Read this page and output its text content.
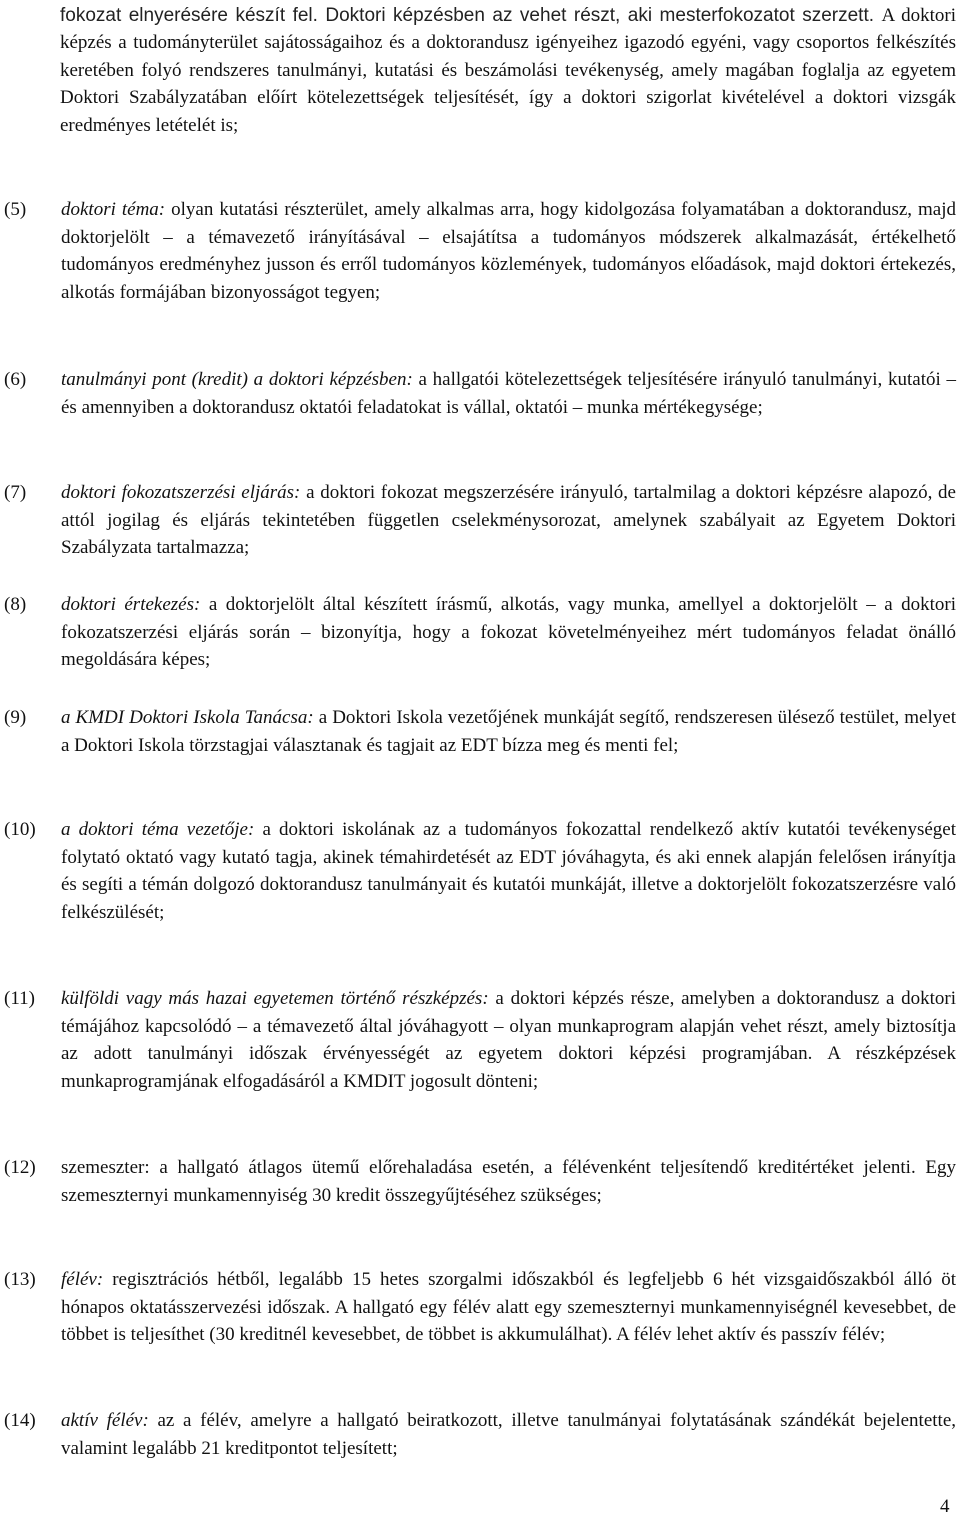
fokozat elnyerésére készít fel. Doktori képzésben az vehet részt, aki mesterfokozatot szerzett. A doktori képzés a tudományterület sajátosságaihoz és a doktorandusz igényeihez igazodó egyéni, vagy csoportos felkészítés keretében folyó rendszeres tanulmányi, kutatási és beszámolási tevékenység, amely magában foglalja az egyetem Doktori Szabályzatában előírt kötelezettségek teljesítését, így a doktori szigorlat kivételével a doktori vizsgák eredményes letételét is;
(5)	doktori téma: olyan kutatási részterület, amely alkalmas arra, hogy kidolgozása folyamatában a doktorandusz, majd doktorjelölt – a témavezető irányításával – elsajátítsa a tudományos módszerek alkalmazását, értékelhető tudományos eredményhez jusson és erről tudományos közlemények, tudományos előadások, majd doktori értekezés, alkotás formájában bizonyosságot tegyen;
(6)	tanulmányi pont (kredit) a doktori képzésben: a hallgatói kötelezettségek teljesítésére irányuló tanulmányi, kutatói – és amennyiben a doktorandusz oktatói feladatokat is vállal, oktatói – munka mértékegysége;
(7)	doktori fokozatszerzési eljárás: a doktori fokozat megszerzésére irányuló, tartalmilag a doktori képzésre alapozó, de attól jogilag és eljárás tekintetében független cselekménysorozat, amelynek szabályait az Egyetem Doktori Szabályzata tartalmazza;
(8)	doktori értekezés: a doktorjelölt által készített írásmű, alkotás, vagy munka, amellyel a doktorjelölt – a doktori fokozatszerzési eljárás során – bizonyítja, hogy a fokozat követelményeihez mért tudományos feladat önálló megoldására képes;
(9)	a KMDI Doktori Iskola Tanácsa: a Doktori Iskola vezetőjének munkáját segítő, rendszeresen ülésező testület, melyet a Doktori Iskola törzstagjai választanak és tagjait az EDT bízza meg és menti fel;
(10)	a doktori téma vezetője: a doktori iskolának az a tudományos fokozattal rendelkező aktív kutatói tevékenységet folytató oktató vagy kutató tagja, akinek témahirdetését az EDT jóváhagyta, és aki ennek alapján felelősen irányítja és segíti a témán dolgozó doktorandusz tanulmányait és kutatói munkáját, illetve a doktorjelölt fokozatszerzésre való felkészülését;
(11)	külföldi vagy más hazai egyetemen történő részképzés: a doktori képzés része, amelyben a doktorandusz a doktori témájához kapcsolódó – a témavezető által jóváhagyott – olyan munkaprogram alapján vehet részt, amely biztosítja az adott tanulmányi időszak érvényességét az egyetem doktori képzési programjában. A részképzések munkaprogramjának elfogadásáról a KMDIT jogosult dönteni;
(12)	szemeszter: a hallgató átlagos ütemű előrehaladása esetén, a félévenként teljesítendő kreditértéket jelenti. Egy szemeszternyi munkamennyiség 30 kredit összegyűjtéséhez szükséges;
(13)	félév: regisztrációs hétből, legalább 15 hetes szorgalmi időszakból és legfeljebb 6 hét vizsgaidőszakból álló öt hónapos oktatásszervezési időszak. A hallgató egy félév alatt egy szemeszternyi munkamennyiségnél kevesebbet, de többet is teljesíthet (30 kreditnél kevesebbet, de többet is akkumulálhat). A félév lehet aktív és passzív félév;
(14)	aktív félév: az a félév, amelyre a hallgató beiratkozott, illetve tanulmányai folytatásának szándékát bejelentette, valamint legalább 21 kreditpontot teljesített;
4
